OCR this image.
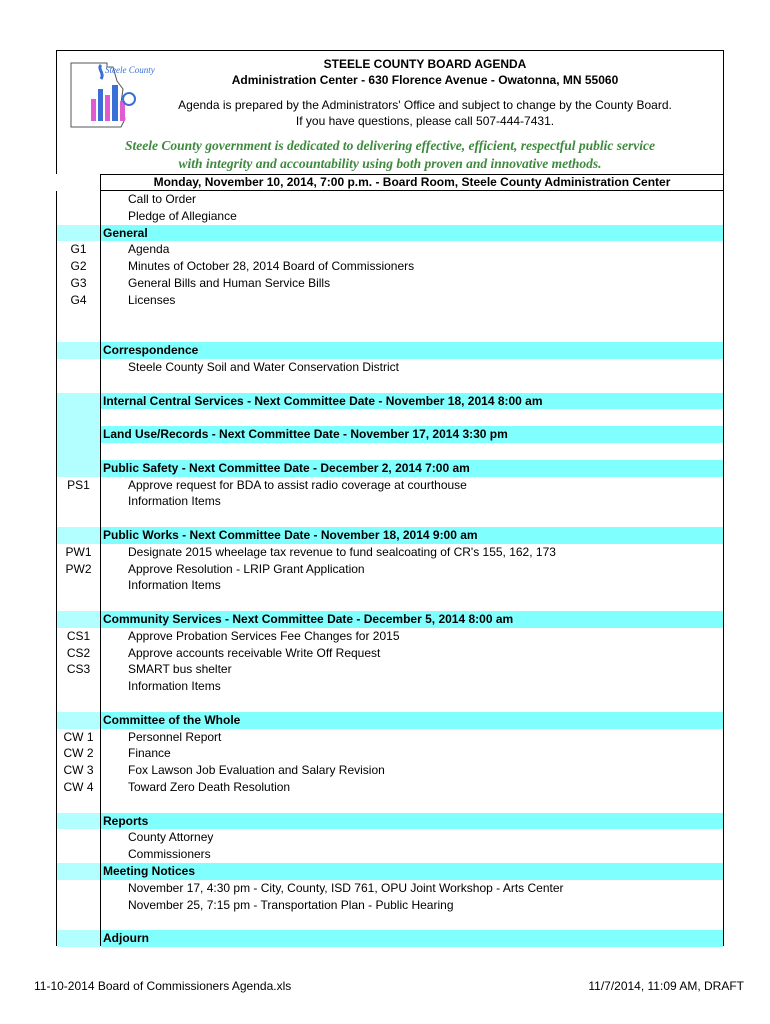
Steele County	STEELE COUNTY BOARD AGENDA
Administration Center - 630 Florence Avenue - Owatonna, MN 55060
Agenda is prepared by the Administrators' Office and subject to change by the County Board.
If you have questions, please call 507-444-7431.
Steele County government is dedicated to delivering effective, efficient, respectful public service
with integrity and accountability using both proven and innovative methods.
Monday, November 10, 2014, 7:00 p.m. - Board Room, Steele County Administration Center
Call to Order
Pledge of Allegiance
General
G1	Agenda
G2	Minutes of October 28, 2014 Board of Commissioners
G3	General Bills and Human Service Bills
G4	Licenses
Correspondence
Steele County Soil and Water Conservation District
Internal Central Services - Next Committee Date - November 18, 2014 8:00 am
Land Use/Records - Next Committee Date - November 17, 2014 3:30 pm
Public Safety - Next Committee Date - December 2, 2014 7:00 am
PS1	Approve request for BDA to assist radio coverage at courthouse
Information Items
Public Works - Next Committee Date - November 18, 2014 9:00 am
PW1	Designate 2015 wheelage tax revenue to fund sealcoating of CR's 155, 162, 173
PW2	Approve Resolution - LRIP Grant Application
Information Items
Community Services - Next Committee Date - December 5, 2014 8:00 am
CS1	Approve Probation Services Fee Changes for 2015
CS2	Approve accounts receivable Write Off Request
CS3	SMART bus shelter
Information Items
Committee of the Whole
CW 1	Personnel Report
CW 2	Finance
CW 3	Fox Lawson Job Evaluation and Salary Revision
CW 4	Toward Zero Death Resolution
Reports
County Attorney
Commissioners
Meeting Notices
November 17, 4:30 pm - City, County, ISD 761, OPU Joint Workshop - Arts Center
November 25, 7:15 pm - Transportation Plan - Public Hearing
Adjourn
11-10-2014 Board of Commissioners Agenda.xls	11/7/2014, 11:09 AM, DRAFT
